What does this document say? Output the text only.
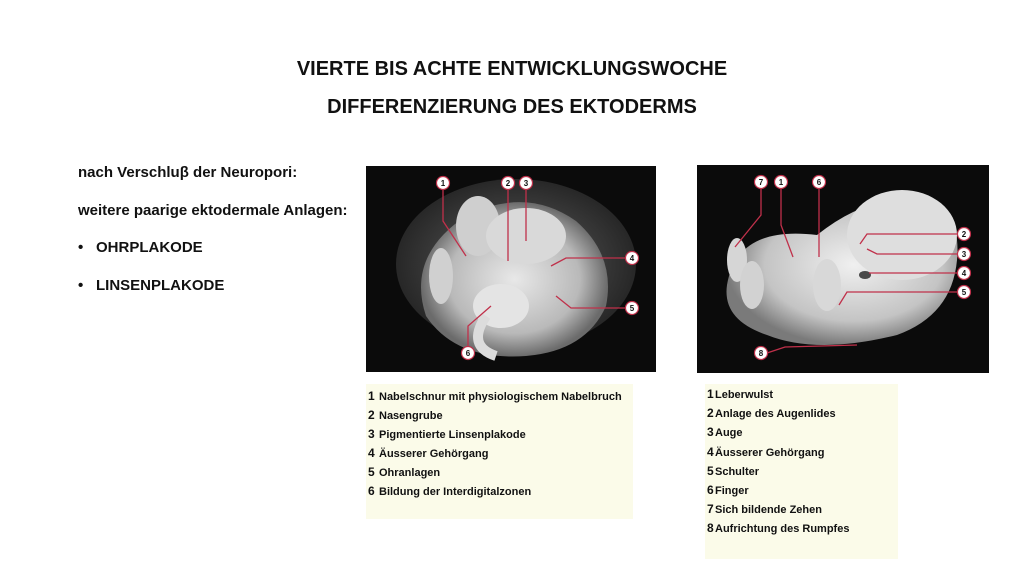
VIERTE BIS ACHTE ENTWICKLUNGSWOCHE
DIFFERENZIERUNG DES EKTODERMS
nach Verschluβ der Neuropori:
weitere paarige ektodermale Anlagen:
• OHRPLAKODE
• LINSENPLAKODE
1	2 3
4
5
6
7 1	6
2
3
4
5
8
1 Nabelschnur mit physiologischem Nabelbruch
2 Nasengrube
3 Pigmentierte Linsenplakode
4 Äusserer Gehörgang
5 Ohranlagen
6 Bildung der Interdigitalzonen
1Leberwulst
2Anlage des Augenlides
3Auge
4Äusserer Gehörgang
5Schulter
6Finger
7Sich bildende Zehen
8Aufrichtung des Rumpfes
